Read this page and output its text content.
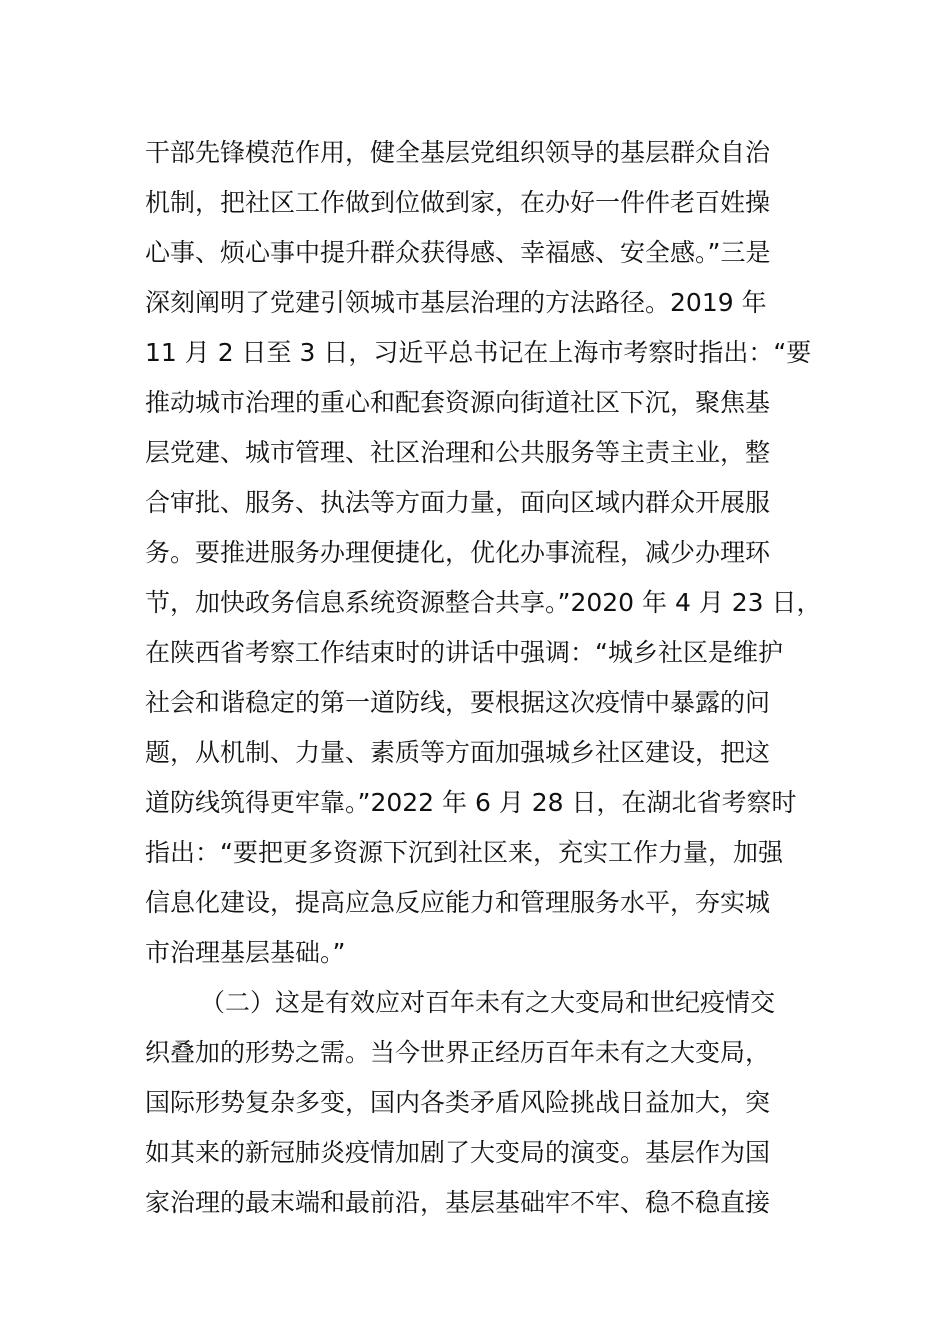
干部先锋模范作用，健全基层党组织领导的基层群众自治
机制，把社区工作做到位做到家，在办好一件件老百姓操
心事、烦心事中提升群众获得感、幸福感、安全感。”三是
深刻阐明了党建引领城市基层治理的方法路径。2019 年
11 月 2 日至 3 日，习近平总书记在上海市考察时指出：“要
推动城市治理的重心和配套资源向街道社区下沉，聚焦基
层党建、城市管理、社区治理和公共服务等主责主业，整
合审批、服务、执法等方面力量，面向区域内群众开展服
务。要推进服务办理便捷化，优化办事流程，减少办理环
节，加快政务信息系统资源整合共享。”2020 年 4 月 23 日，
在陕西省考察工作结束时的讲话中强调：“城乡社区是维护
社会和谐稳定的第一道防线，要根据这次疫情中暴露的问
题，从机制、力量、素质等方面加强城乡社区建设，把这
道防线筑得更牢靠。”2022 年 6 月 28 日，在湖北省考察时
指出：“要把更多资源下沉到社区来，充实工作力量，加强
信息化建设，提高应急反应能力和管理服务水平，夯实城
市治理基层基础。”
（二）这是有效应对百年未有之大变局和世纪疫情交
织叠加的形势之需。当今世界正经历百年未有之大变局，
国际形势复杂多变，国内各类矛盾风险挑战日益加大，突
如其来的新冠肺炎疫情加剧了大变局的演变。基层作为国
家治理的最末端和最前沿，基层基础牢不牢、稳不稳直接
